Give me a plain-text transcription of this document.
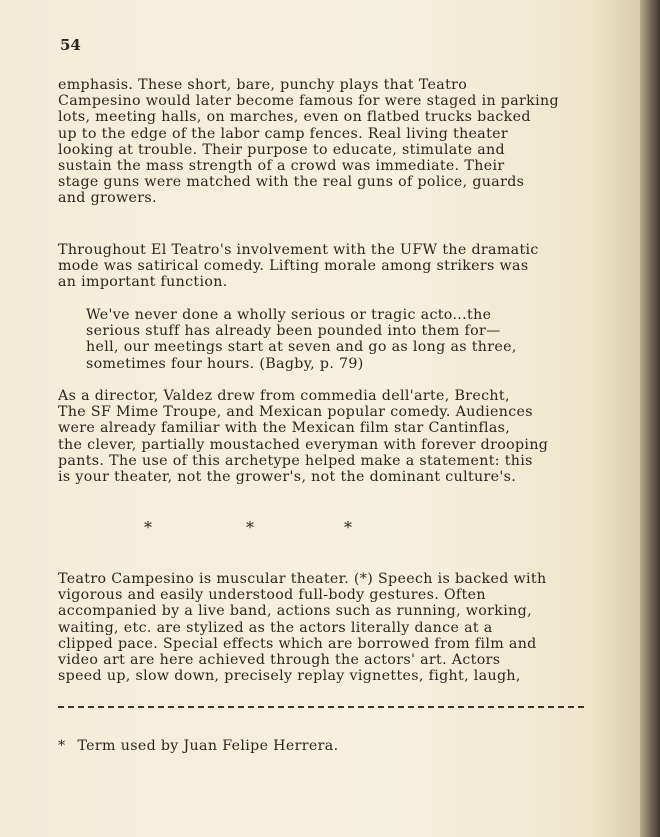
54

emphasis. These short, bare, punchy plays that Teatro

Campesino would later become famous for were staged in parking

lots, meeting halls, on marches, even on flatbed trucks backed

up to the edge of the labor camp fences. Real living theater

looking at trouble. Their purpose to educate, stimulate and

sustain the mass strength of a crowd was immediate. Their

stage guns were matched with the real guns of police, guards

and growers.

Throughout El Teatro's involvement with the UFW the dramatic

mode was satirical comedy. Lifting morale among strikers was

an important function.

We've never done a wholly serious or tragic acto...the

serious stuff has already been pounded into them for—

hell, our meetings start at seven and go as long as three,

sometimes four hours. (Bagby, p. 79)

As a director, Valdez drew from commedia dell'arte, Brecht,

The SF Mime Troupe, and Mexican popular comedy. Audiences

were already familiar with the Mexican film star Cantinflas,

the clever, partially moustached everyman with forever drooping

pants. The use of this archetype helped make a statement: this

is your theater, not the grower's, not the dominant culture's.

*	*	*

Teatro Campesino is muscular theater. (*) Speech is backed with

vigorous and easily understood full-body gestures. Often

accompanied by a live band, actions such as running, working,

waiting, etc. are stylized as the actors literally dance at a

clipped pace. Special effects which are borrowed from film and

video art are here achieved through the actors' art. Actors

speed up, slow down, precisely replay vignettes, fight, laugh,

* Term used by Juan Felipe Herrera.
